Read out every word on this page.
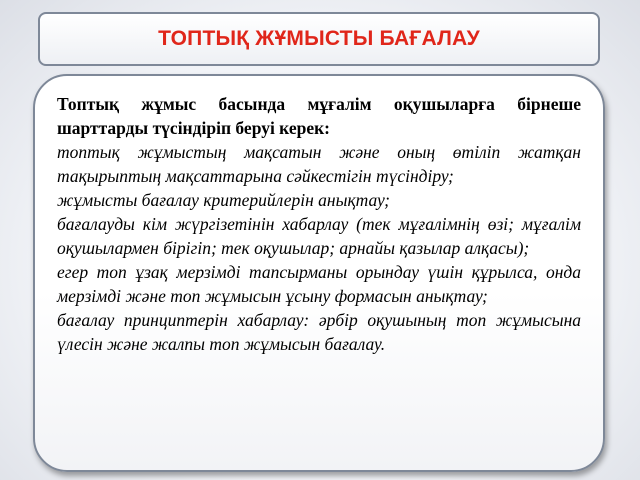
ТОПТЫҚ ЖҰМЫСТЫ БАҒАЛАУ

Топтық жұмыс басында мұғалім оқушыларға бірнеше шарттарды түсіндіріп беруі керек:

топтық жұмыстың мақсатын және оның өтіліп жатқан тақырыптың мақсаттарына сәйкестігін түсіндіру;

жұмысты бағалау критерийлерін анықтау;

бағалауды кім жүргізетінін хабарлау (тек мұғалімнің өзі; мұғалім оқушылармен бірігіп; тек оқушылар; арнайы қазылар алқасы);

егер топ ұзақ мерзімді тапсырманы орындау үшін құрылса, онда мерзімді және топ жұмысын ұсыну формасын анықтау;

бағалау принциптерін хабарлау: әрбір оқушының топ жұмысына үлесін және жалпы топ жұмысын бағалау.
